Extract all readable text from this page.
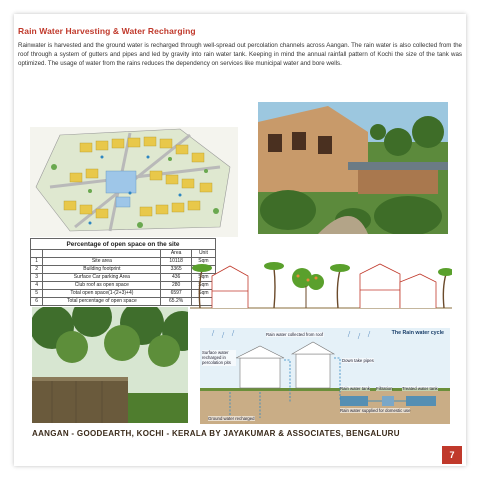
Rain Water Harvesting & Water Recharging
Rainwater is harvested and the ground water is recharged through well-spread out percolation channels across Aangan. The rain water is also collected from the roof through a system of gutters and pipes and led by gravity into rain water tank. Keeping in mind the annual rainfall pattern of Kochi the size of the tank was optimized. The usage of water from the rains reduces the dependency on services like municipal water and bore wells.
Percentage of open space on the site			
		Area	Unit
1	Site area	10118	Sqm
2	Building footprint	3365	
3	Surface Car parking Area	436	Sqm
4	Club roof as open space	280	Sqm
5	Total open space(1-(2+3)+4)	6597	Sqm
6	Total percentage of open space	65.2%	
The Rain water cycle
Rain water collected from roof
Surface water recharged in percolation pits	Down take pipes
Rain water tank Filtration Treated water tank
Rain water supplied for domestic use
Ground water recharged
AANGAN - GOODEARTH, KOCHI - KERALA BY JAYAKUMAR & ASSOCIATES, BENGALURU
7
